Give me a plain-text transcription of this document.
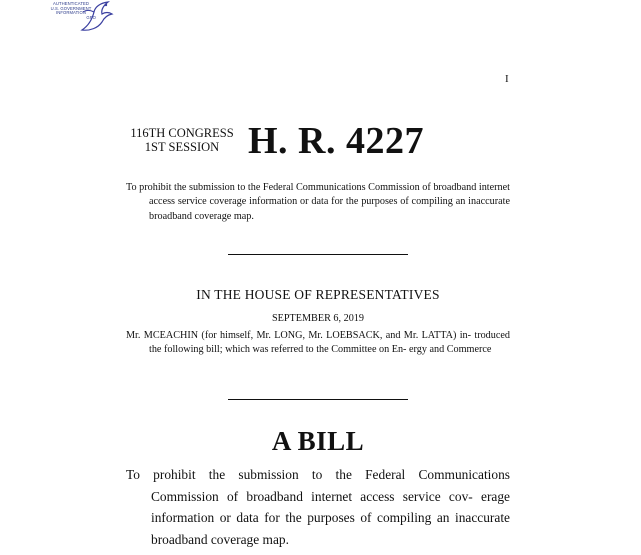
AUTHENTICATED
U.S. GOVERNMENT
INFORMATION
GPO
I
116TH CONGRESS
1ST SESSION H. R. 4227
To prohibit the submission to the Federal Communications Commission of broadband internet access service coverage information or data for the purposes of compiling an inaccurate broadband coverage map.
IN THE HOUSE OF REPRESENTATIVES
SEPTEMBER 6, 2019
Mr. MCEACHIN (for himself, Mr. LONG, Mr. LOEBSACK, and Mr. LATTA) in- troduced the following bill; which was referred to the Committee on En- ergy and Commerce
A BILL
To prohibit the submission to the Federal Communications Commission of broadband internet access service cov- erage information or data for the purposes of compiling an inaccurate broadband coverage map.
